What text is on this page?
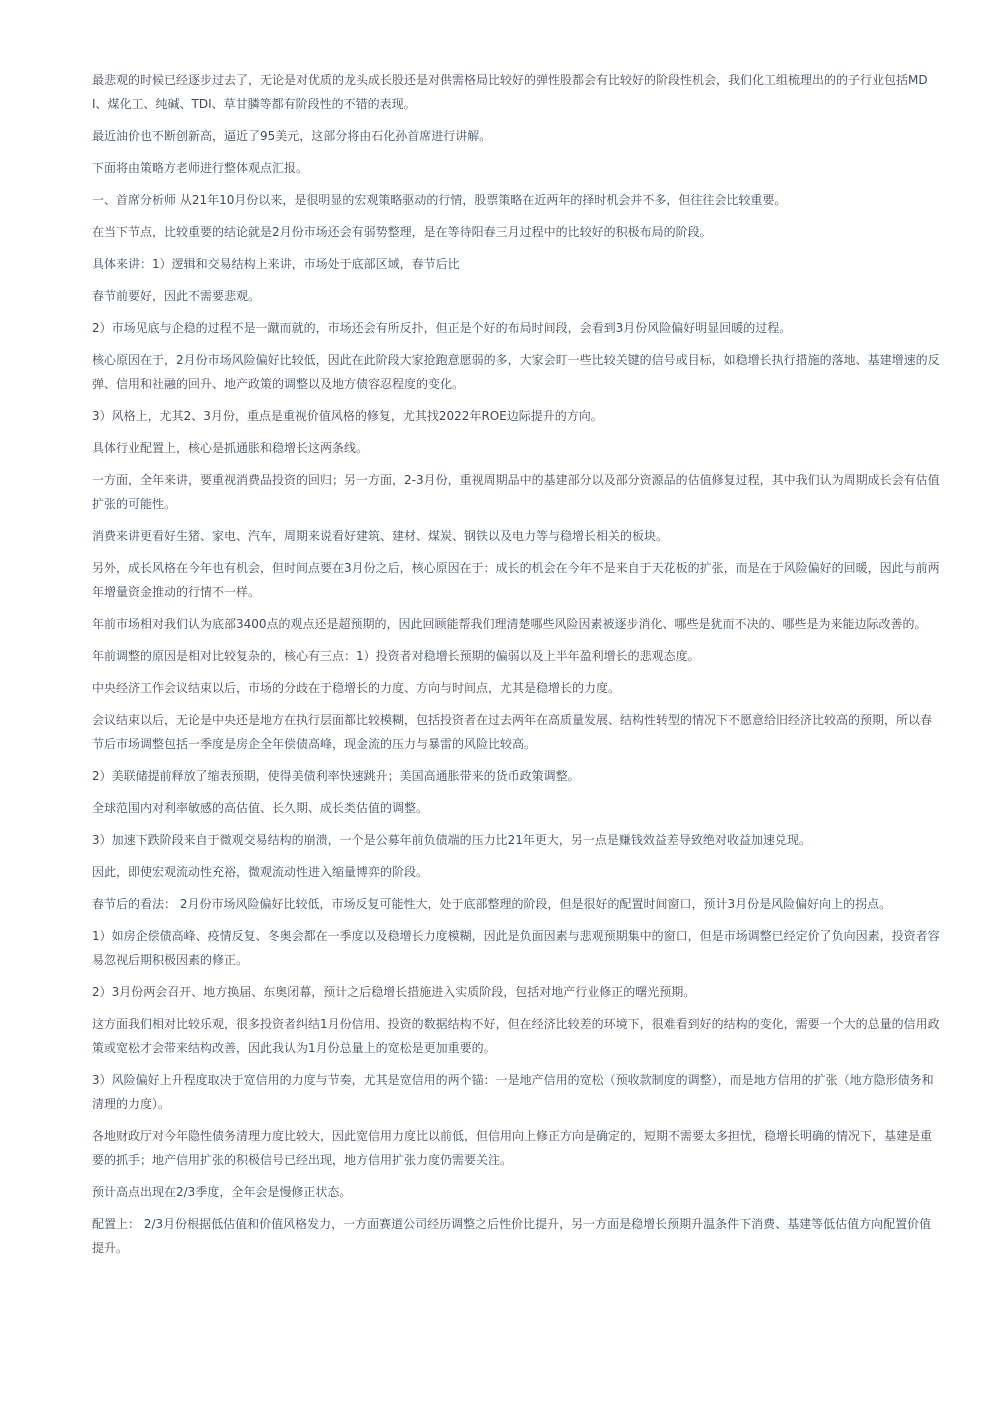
最悲观的时候已经逐步过去了，无论是对优质的龙头成长股还是对供需格局比较好的弹性股都会有比较好的阶段性机会，我们化工组梳理出的的子行业包括MDI、煤化工、纯碱、TDI、草甘膦等都有阶段性的不错的表现。

最近油价也不断创新高，逼近了95美元，这部分将由石化孙首席进行讲解。

下面将由策略方老师进行整体观点汇报。

一、首席分析师 从21年10月份以来，是很明显的宏观策略驱动的行情，股票策略在近两年的择时机会并不多，但往往会比较重要。

在当下节点，比较重要的结论就是2月份市场还会有弱势整理，是在等待阳春三月过程中的比较好的积极布局的阶段。

具体来讲：1）逻辑和交易结构上来讲，市场处于底部区域，春节后比

春节前要好，因此不需要悲观。

2）市场见底与企稳的过程不是一蹴而就的，市场还会有所反扑，但正是个好的布局时间段，会看到3月份风险偏好明显回暖的过程。

核心原因在于，2月份市场风险偏好比较低，因此在此阶段大家抢跑意愿弱的多，大家会盯一些比较关键的信号或目标，如稳增长执行措施的落地、基建增速的反弹、信用和社融的回升、地产政策的调整以及地方债容忍程度的变化。

3）风格上，尤其2、3月份，重点是重视价值风格的修复，尤其找2022年ROE边际提升的方向。

具体行业配置上，核心是抓通胀和稳增长这两条线。

一方面，全年来讲，要重视消费品投资的回归；另一方面，2-3月份，重视周期品中的基建部分以及部分资源品的估值修复过程，其中我们认为周期成长会有估值扩张的可能性。

消费来讲更看好生猪、家电、汽车，周期来说看好建筑、建材、煤炭、钢铁以及电力等与稳增长相关的板块。

另外，成长风格在今年也有机会，但时间点要在3月份之后，核心原因在于：成长的机会在今年不是来自于天花板的扩张，而是在于风险偏好的回暖，因此与前两年增量资金推动的行情不一样。

年前市场相对我们认为底部3400点的观点还是超预期的，因此回顾能帮我们理清楚哪些风险因素被逐步消化、哪些是犹而不决的、哪些是为来能边际改善的。

年前调整的原因是相对比较复杂的，核心有三点：1）投资者对稳增长预期的偏弱以及上半年盈利增长的悲观态度。

中央经济工作会议结束以后，市场的分歧在于稳增长的力度、方向与时间点，尤其是稳增长的力度。

会议结束以后，无论是中央还是地方在执行层面都比较模糊，包括投资者在过去两年在高质量发展、结构性转型的情况下不愿意给旧经济比较高的预期，所以春节后市场调整包括一季度是房企全年偿债高峰，现金流的压力与暴雷的风险比较高。

2）美联储提前释放了缩表预期，使得美债利率快速跳升；美国高通胀带来的货币政策调整。

全球范围内对利率敏感的高估值、长久期、成长类估值的调整。

3）加速下跌阶段来自于微观交易结构的崩溃，一个是公募年前负债端的压力比21年更大，另一点是赚钱效益差导致绝对收益加速兑现。

因此，即使宏观流动性充裕，微观流动性进入缩量博弈的阶段。

春节后的看法： 2月份市场风险偏好比较低，市场反复可能性大，处于底部整理的阶段，但是很好的配置时间窗口，预计3月份是风险偏好向上的拐点。

1）如房企偿债高峰、疫情反复、冬奥会都在一季度以及稳增长力度模糊，因此是负面因素与悲观预期集中的窗口，但是市场调整已经定价了负向因素，投资者容易忽视后期积极因素的修正。

2）3月份两会召开、地方换届、东奥闭幕，预计之后稳增长措施进入实质阶段，包括对地产行业修正的曙光预期。

这方面我们相对比较乐观，很多投资者纠结1月份信用、投资的数据结构不好，但在经济比较差的环境下，很难看到好的结构的变化，需要一个大的总量的信用政策或宽松才会带来结构改善，因此我认为1月份总量上的宽松是更加重要的。

3）风险偏好上升程度取决于宽信用的力度与节奏，尤其是宽信用的两个锚：一是地产信用的宽松（预收款制度的调整），而是地方信用的扩张（地方隐形债务和清理的力度）。

各地财政厅对今年隐性债务清理力度比较大，因此宽信用力度比以前低，但信用向上修正方向是确定的，短期不需要太多担忧，稳增长明确的情况下，基建是重要的抓手；地产信用扩张的积极信号已经出现，地方信用扩张力度仍需要关注。

预计高点出现在2/3季度，全年会是慢修正状态。

配置上： 2/3月份根据低估值和价值风格发力，一方面赛道公司经历调整之后性价比提升，另一方面是稳增长预期升温条件下消费、基建等低估值方向配置价值提升。
